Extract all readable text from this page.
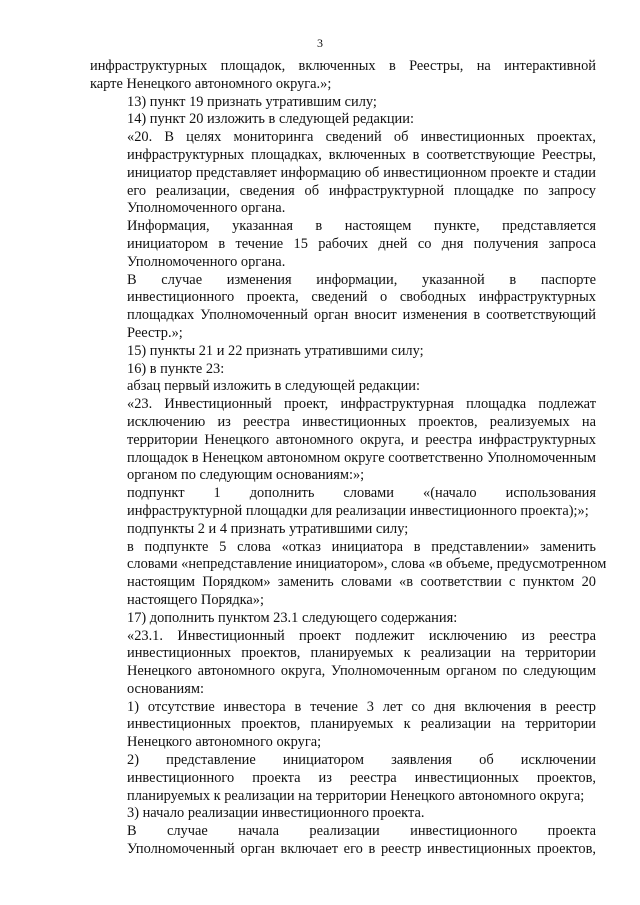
3
инфраструктурных площадок, включенных в Реестры, на интерактивной
карте Ненецкого автономного округа.»;
13) пункт 19 признать утратившим силу;
14) пункт 20 изложить в следующей редакции:
«20. В целях мониторинга сведений об инвестиционных проектах,
инфраструктурных площадках, включенных в соответствующие Реестры,
инициатор представляет информацию об инвестиционном проекте и стадии
его реализации, сведения об инфраструктурной площадке по запросу
Уполномоченного органа.
Информация, указанная в настоящем пункте, представляется
инициатором в течение 15 рабочих дней со дня получения запроса
Уполномоченного органа.
В случае изменения информации, указанной в паспорте
инвестиционного проекта, сведений о свободных инфраструктурных
площадках Уполномоченный орган вносит изменения в соответствующий
Реестр.»;
15) пункты 21 и 22 признать утратившими силу;
16) в пункте 23:
абзац первый изложить в следующей редакции:
«23. Инвестиционный проект, инфраструктурная площадка подлежат
исключению из реестра инвестиционных проектов, реализуемых на
территории Ненецкого автономного округа, и реестра инфраструктурных
площадок в Ненецком автономном округе соответственно Уполномоченным
органом по следующим основаниям:»;
подпункт 1 дополнить словами «(начало использования
инфраструктурной площадки для реализации инвестиционного проекта);»;
подпункты 2 и 4 признать утратившими силу;
в подпункте 5 слова «отказ инициатора в представлении» заменить
словами «непредставление инициатором», слова «в объеме, предусмотренном
настоящим Порядком» заменить словами «в соответствии с пунктом 20
настоящего Порядка»;
17) дополнить пунктом 23.1 следующего содержания:
«23.1. Инвестиционный проект подлежит исключению из реестра
инвестиционных проектов, планируемых к реализации на территории
Ненецкого автономного округа, Уполномоченным органом по следующим
основаниям:
1) отсутствие инвестора в течение 3 лет со дня включения в реестр
инвестиционных проектов, планируемых к реализации на территории
Ненецкого автономного округа;
2) представление инициатором заявления об исключении
инвестиционного проекта из реестра инвестиционных проектов,
планируемых к реализации на территории Ненецкого автономного округа;
3) начало реализации инвестиционного проекта.
В случае начала реализации инвестиционного проекта
Уполномоченный орган включает его в реестр инвестиционных проектов,
